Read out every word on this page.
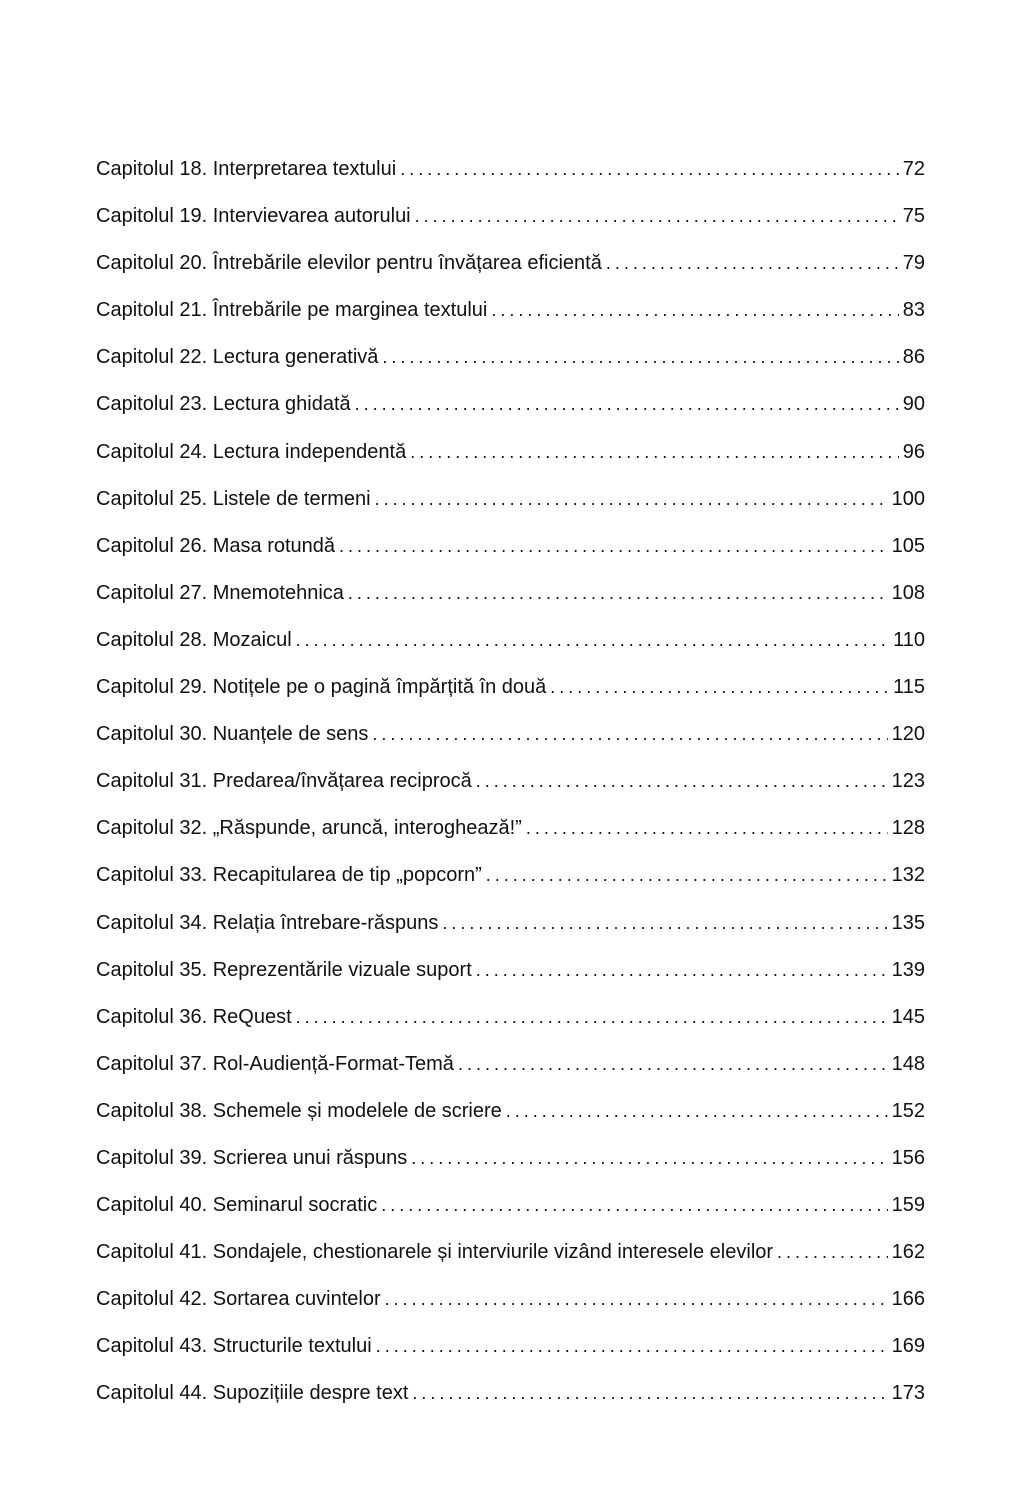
Capitolul 18. Interpretarea textului . . .	72
Capitolul 19. Intervievarea autorului . . .	75
Capitolul 20. Întrebările elevilor pentru învățarea eficientă . . .	79
Capitolul 21. Întrebările pe marginea textului . . .	83
Capitolul 22. Lectura generativă . . .	86
Capitolul 23. Lectura ghidată . . .	90
Capitolul 24. Lectura independentă . . .	96
Capitolul 25. Listele de termeni . . .	100
Capitolul 26. Masa rotundă . . .	105
Capitolul 27. Mnemotehnica . . .	108
Capitolul 28. Mozaicul . . .	110
Capitolul 29. Notițele pe o pagină împărțită în două . . .	115
Capitolul 30. Nuanțele de sens . . .	120
Capitolul 31. Predarea/învățarea reciprocă . . .	123
Capitolul 32. „Răspunde, aruncă, interoghează!” . . .	128
Capitolul 33. Recapitularea de tip „popcorn” . . .	132
Capitolul 34. Relația întrebare-răspuns . . .	135
Capitolul 35. Reprezentările vizuale suport . . .	139
Capitolul 36. ReQuest . . .	145
Capitolul 37. Rol-Audiență-Format-Temă . . .	148
Capitolul 38. Schemele și modelele de scriere . . .	152
Capitolul 39. Scrierea unui răspuns . . .	156
Capitolul 40. Seminarul socratic . . .	159
Capitolul 41. Sondajele, chestionarele și interviurile vizând interesele elevilor . . .	162
Capitolul 42. Sortarea cuvintelor . . .	166
Capitolul 43. Structurile textului . . .	169
Capitolul 44. Supozițiile despre text . . .	173
